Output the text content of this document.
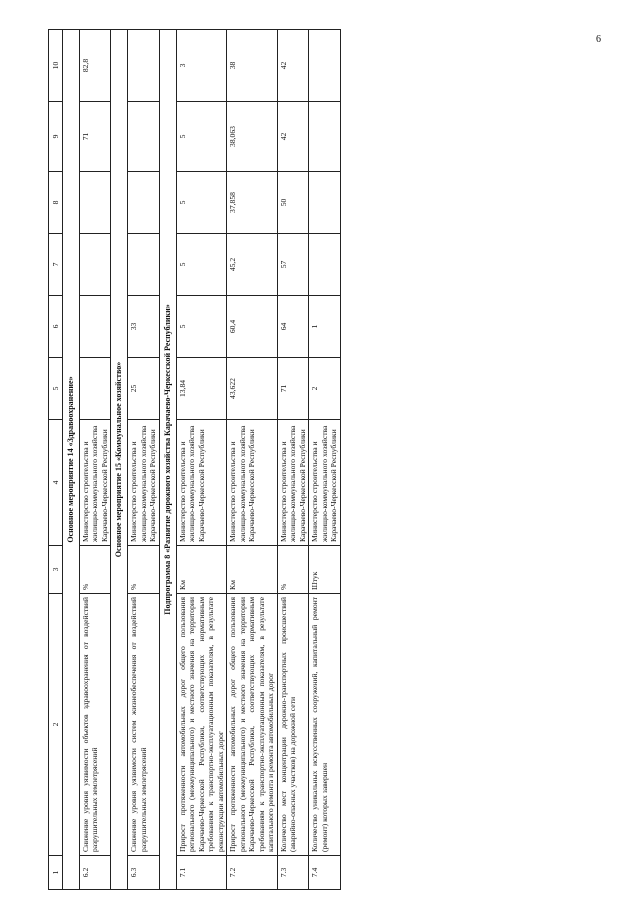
6
1	2	3	4	5	6	7	8	9	10
Основное мероприятие 14 «Здравоохранение»									
6.2	Снижение уровня уязвимости объектов здравоохранения от воздействий разрушительных землетрясений	%	Министерство строительства и жилищно-коммунального хозяйства Карачаево-Черкесской Республики					71	82,8
Основное мероприятие 15 «Коммунальное хозяйство»									
6.3	Снижение уровня уязвимости систем жизнеобеспечения от воздействий разрушительных землетрясений	%	Министерство строительства и жилищно-коммунального хозяйства Карачаево-Черкесской Республики	25	33				
Подпрограмма 8 «Развитие дорожного хозяйства Карачаево-Черкесской Республики»									
7.1	Прирост протяженности автомобильных дорог общего пользования регионального (межмуниципального) и местного значения на территории Карачаево-Черкесской Республики, соответствующих нормативным требованиям к транспортно-эксплуатационным показателям, в результате реконструкции автомобильных дорог	Км	Министерство строительства и жилищно-коммунального хозяйства Карачаево-Черкесской Республики	13,84	5	5	5	5	3
7.2	Прирост протяженности автомобильных дорог общего пользования регионального (межмуниципального) и местного значения на территории Карачаево-Черкесской Республики, соответствующих нормативным требованиям к транспортно-эксплуатационным показателям, в результате капитального ремонта и ремонта автомобильных дорог	Км	Министерство строительства и жилищно-коммунального хозяйства Карачаево-Черкесской Республики	43,622	60,4	45,2	37,858	38,063	38
7.3	Количество мест концентрации дорожно-транспортных происшествий (аварийно-опасных участков) на дорожной сети	%	Министерство строительства и жилищно-коммунального хозяйства Карачаево-Черкесской Республики	71	64	57	50	42	42
7.4	Количество уникальных искусственных сооружений, капитальный ремонт (ремонт) которых завершен	Штук	Министерство строительства и жилищно-коммунального хозяйства Карачаево-Черкесской Республики	2	1				
